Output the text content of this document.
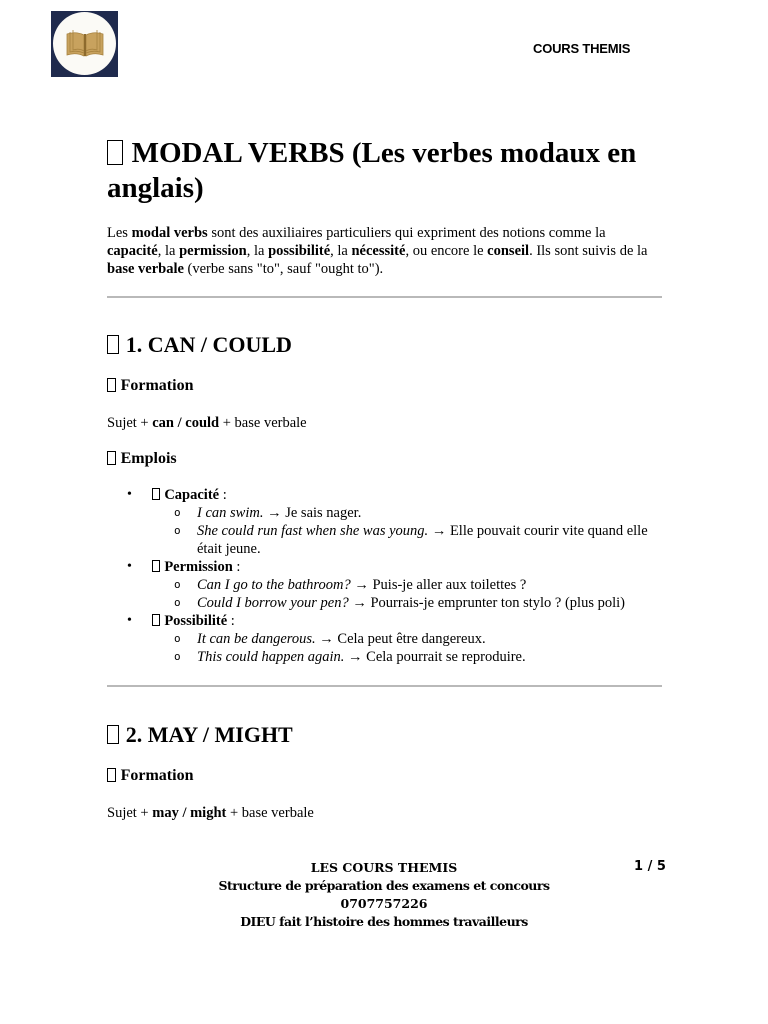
COURS THEMIS
MODAL VERBS (Les verbes modaux en anglais)

Les modal verbs sont des auxiliaires particuliers qui expriment des notions comme la capacité, la permission, la possibilité, la nécessité, ou encore le conseil. Ils sont suivis de la base verbale (verbe sans "to", sauf "ought to").

1. CAN / COULD
Formation

Sujet + can / could + base verbale

Emplois
• Capacité :
o I can swim. → Je sais nager.
o She could run fast when she was young. → Elle pouvait courir vite quand elle était jeune.
• Permission :
o Can I go to the bathroom? → Puis-je aller aux toilettes ?
o Could I borrow your pen? → Pourrais-je emprunter ton stylo ? (plus poli)
• Possibilité :
o It can be dangerous. → Cela peut être dangereux.
o This could happen again. → Cela pourrait se reproduire.
2. MAY / MIGHT
Formation

Sujet + may / might + base verbale

LES COURS THEMIS
Structure de préparation des examens et concours
0707757226
DIEU fait l’histoire des hommes travailleurs
1 / 5
